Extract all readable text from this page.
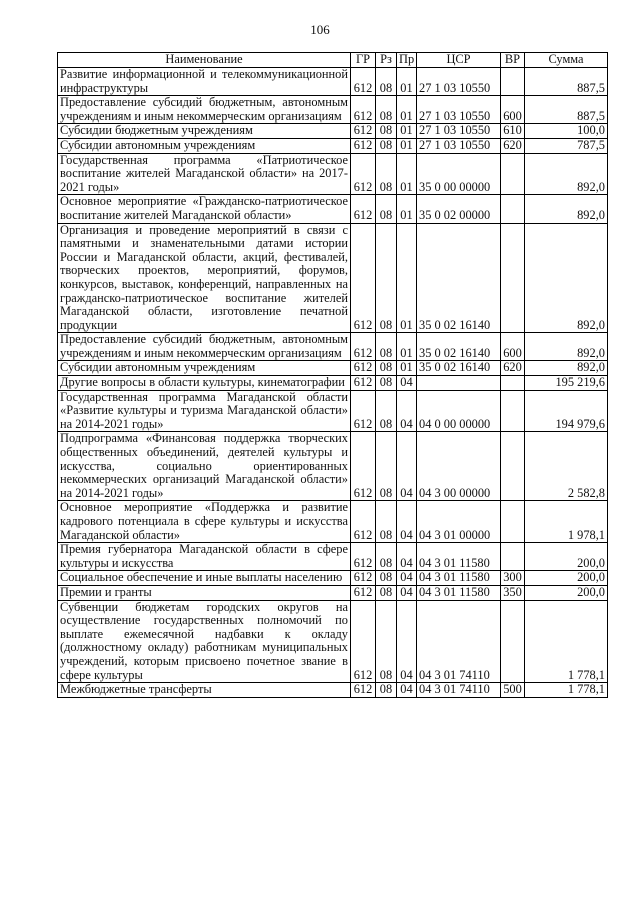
106
Наименование	ГР	Рз	Пр	ЦСР	ВР	Сумма
Развитие информационной и телекоммуникационной инфраструктуры	612	08	01	27 1 03 10550		887,5
Предоставление субсидий бюджетным, автономным учреждениям и иным некоммерческим организациям	612	08	01	27 1 03 10550	600	887,5
Субсидии бюджетным учреждениям	612	08	01	27 1 03 10550	610	100,0
Субсидии автономным учреждениям	612	08	01	27 1 03 10550	620	787,5
Государственная программа «Патриотическое воспитание жителей Магаданской области» на 2017-2021 годы»	612	08	01	35 0 00 00000		892,0
Основное мероприятие «Гражданско-патриотическое воспитание жителей Магаданской области»	612	08	01	35 0 02 00000		892,0
Организация и проведение мероприятий в связи с памятными и знаменательными датами истории России и Магаданской области, акций, фестивалей, творческих проектов, мероприятий, форумов, конкурсов, выставок, конференций, направленных на гражданско-патриотическое воспитание жителей Магаданской области, изготовление печатной продукции	612	08	01	35 0 02 16140		892,0
Предоставление субсидий бюджетным, автономным учреждениям и иным некоммерческим организациям	612	08	01	35 0 02 16140	600	892,0
Субсидии автономным учреждениям	612	08	01	35 0 02 16140	620	892,0
Другие вопросы в области культуры, кинематографии	612	08	04			195 219,6
Государственная программа Магаданской области «Развитие культуры и туризма Магаданской области» на 2014-2021 годы»	612	08	04	04 0 00 00000		194 979,6
Подпрограмма «Финансовая поддержка творческих общественных объединений, деятелей культуры и искусства, социально ориентированных некоммерческих организаций Магаданской области» на 2014-2021 годы»	612	08	04	04 3 00 00000		2 582,8
Основное мероприятие «Поддержка и развитие кадрового потенциала в сфере культуры и искусства Магаданской области»	612	08	04	04 3 01 00000		1 978,1
Премия губернатора Магаданской области в сфере культуры и искусства	612	08	04	04 3 01 11580		200,0
Социальное обеспечение и иные выплаты населению	612	08	04	04 3 01 11580	300	200,0
Премии и гранты	612	08	04	04 3 01 11580	350	200,0
Субвенции бюджетам городских округов на осуществление государственных полномочий по выплате ежемесячной надбавки к окладу (должностному окладу) работникам муниципальных учреждений, которым присвоено почетное звание в сфере культуры	612	08	04	04 3 01 74110		1 778,1
Межбюджетные трансферты	612	08	04	04 3 01 74110	500	1 778,1
